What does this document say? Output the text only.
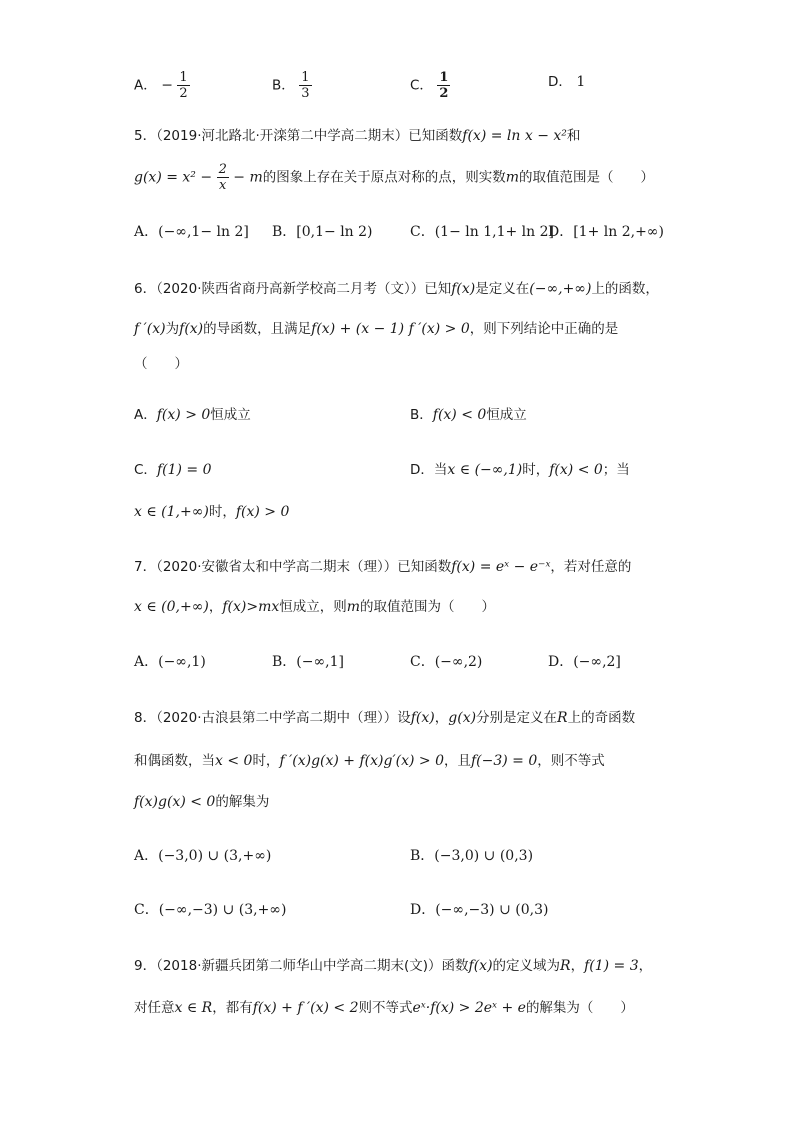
A． − $\frac{1}{2}$	B． $\frac{1}{3}$	C． $\frac{1}{2}$	D． 1
5．（2019·河北路北·开滦第二中学高二期末）已知函数f(x) = ln x − x²和
$g(x) = x^2 - \frac{2}{x} - m$的图象上存在关于原点对称的点，则实数m的取值范围是（　　）
A．(−∞,1− ln 2] B．[0,1− ln 2)	C．(1− ln 1,1+ ln 2]
D．[1+ ln 2,+∞)
6．（2020·陕西省商丹高新学校高二月考（文））已知f(x)是定义在(−∞,+∞)上的函数，
f ′(x)为f(x)的导函数，且满足f(x) + (x − 1) f ′(x) > 0，则下列结论中正确的是
（　　）
A．f(x) > 0恒成立	B．f(x) < 0恒成立
C．f(1) = 0	D．当x ∈ (−∞,1)时，f(x) < 0；当
x ∈ (1,+∞)时，f(x) > 0
7．（2020·安徽省太和中学高二期末（理））已知函数f(x) = eˣ − e⁻ˣ，若对任意的
x ∈ (0,+∞)，f(x)>mx恒成立，则m的取值范围为（　　）
A．(−∞,1)	B．(−∞,1]	C．(−∞,2)	D．(−∞,2]
8．（2020·古浪县第二中学高二期中（理））设f(x)，g(x)分别是定义在R上的奇函数
和偶函数，当x < 0时，f ′(x)g(x) + f(x)g′(x) > 0，且f(−3) = 0，则不等式
f(x)g(x) < 0的解集为
A．(−3,0) ∪ (3,+∞)	B．(−3,0) ∪ (0,3)
C．(−∞,−3) ∪ (3,+∞)	D．(−∞,−3) ∪ (0,3)
9．（2018·新疆兵团第二师华山中学高二期末(文)）函数f(x)的定义域为R，f(1) = 3，
对任意x ∈ R，都有f(x) + f ′(x) < 2则不等式eˣ·f(x) > 2eˣ + e的解集为（　　）
